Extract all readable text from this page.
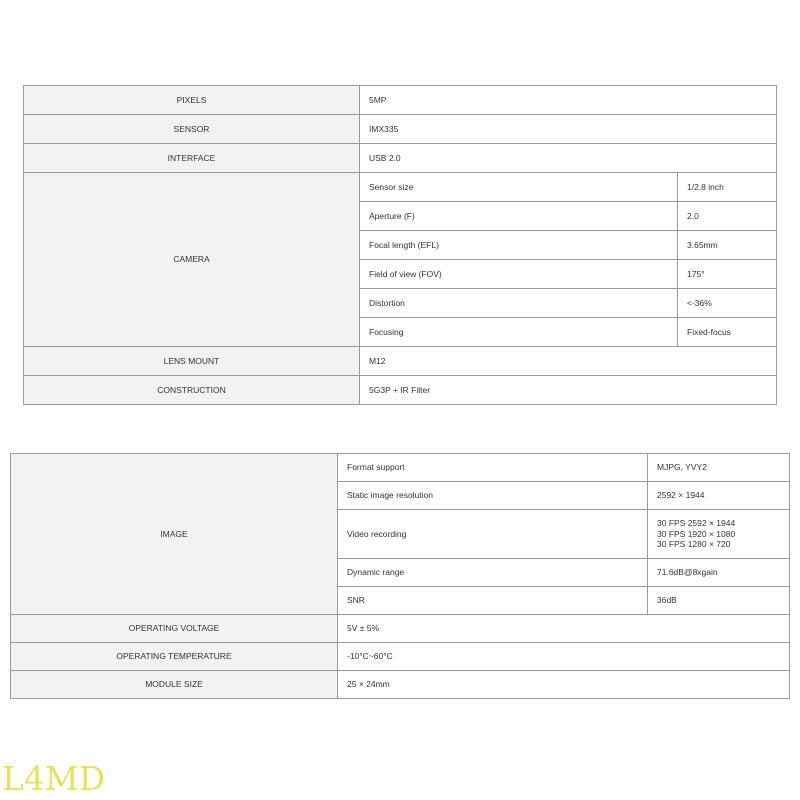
PIXELS	5MP	
SENSOR	IMX335	
INTERFACE	USB 2.0	
CAMERA	Sensor size	1/2.8 inch
	Aperture (F)	2.0
	Focal length (EFL)	3.65mm
	Field of view (FOV)	175°
	Distortion	<-36%
	Focusing	Fixed-focus
LENS MOUNT	M12	
CONSTRUCTION	5G3P + IR Filter	
IMAGE	Format support	MJPG, YVY2
	Static image resolution	2592 × 1944
	Video recording	30 FPS 2592 × 1944
30 FPS 1920 × 1080
30 FPS 1280 × 720
	Dynamic range	71.6dB@8xgain
	SNR	36dB
OPERATING VOLTAGE	5V ± 5%	
OPERATING TEMPERATURE	-10°C~60°C	
MODULE SIZE	25 × 24mm	
L4MD
